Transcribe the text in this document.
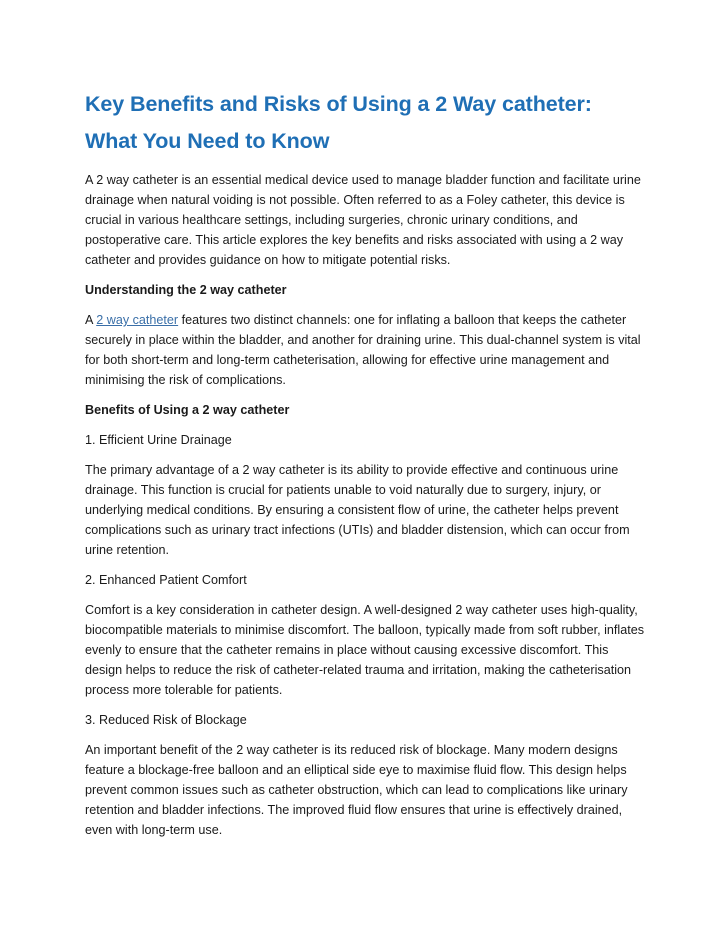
Key Benefits and Risks of Using a 2 Way catheter: What You Need to Know

A 2 way catheter is an essential medical device used to manage bladder function and facilitate urine drainage when natural voiding is not possible. Often referred to as a Foley catheter, this device is crucial in various healthcare settings, including surgeries, chronic urinary conditions, and postoperative care. This article explores the key benefits and risks associated with using a 2 way catheter and provides guidance on how to mitigate potential risks.

Understanding the 2 way catheter

A 2 way catheter features two distinct channels: one for inflating a balloon that keeps the catheter securely in place within the bladder, and another for draining urine. This dual-channel system is vital for both short-term and long-term catheterisation, allowing for effective urine management and minimising the risk of complications.

Benefits of Using a 2 way catheter

1. Efficient Urine Drainage

The primary advantage of a 2 way catheter is its ability to provide effective and continuous urine drainage. This function is crucial for patients unable to void naturally due to surgery, injury, or underlying medical conditions. By ensuring a consistent flow of urine, the catheter helps prevent complications such as urinary tract infections (UTIs) and bladder distension, which can occur from urine retention.

2. Enhanced Patient Comfort

Comfort is a key consideration in catheter design. A well-designed 2 way catheter uses high-quality, biocompatible materials to minimise discomfort. The balloon, typically made from soft rubber, inflates evenly to ensure that the catheter remains in place without causing excessive discomfort. This design helps to reduce the risk of catheter-related trauma and irritation, making the catheterisation process more tolerable for patients.

3. Reduced Risk of Blockage

An important benefit of the 2 way catheter is its reduced risk of blockage. Many modern designs feature a blockage-free balloon and an elliptical side eye to maximise fluid flow. This design helps prevent common issues such as catheter obstruction, which can lead to complications like urinary retention and bladder infections. The improved fluid flow ensures that urine is effectively drained, even with long-term use.
